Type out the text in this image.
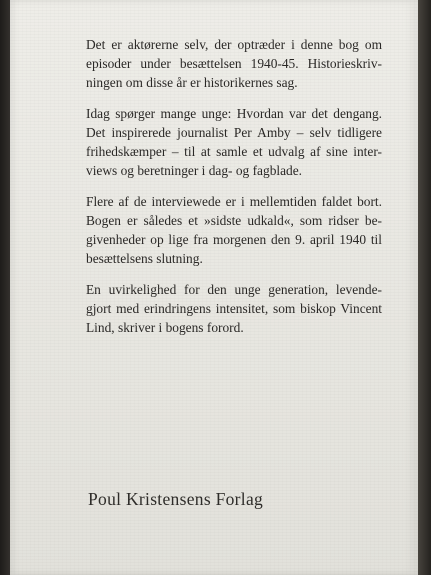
Det er aktørerne selv, der optræder i denne bog om
episoder under besættelsen 1940-45. Historieskriv-
ningen om disse år er historikernes sag.

Idag spørger mange unge: Hvordan var det dengang.
Det inspirerede journalist Per Amby – selv tidligere
frihedskæmper – til at samle et udvalg af sine inter-
views og beretninger i dag- og fagblade.

Flere af de interviewede er i mellemtiden faldet bort.
Bogen er således et »sidste udkald«, som ridser be-
givenheder op lige fra morgenen den 9. april 1940 til
besættelsens slutning.

En uvirkelighed for den unge generation, levende-
gjort med erindringens intensitet, som biskop Vincent
Lind, skriver i bogens forord.

Poul Kristensens Forlag
